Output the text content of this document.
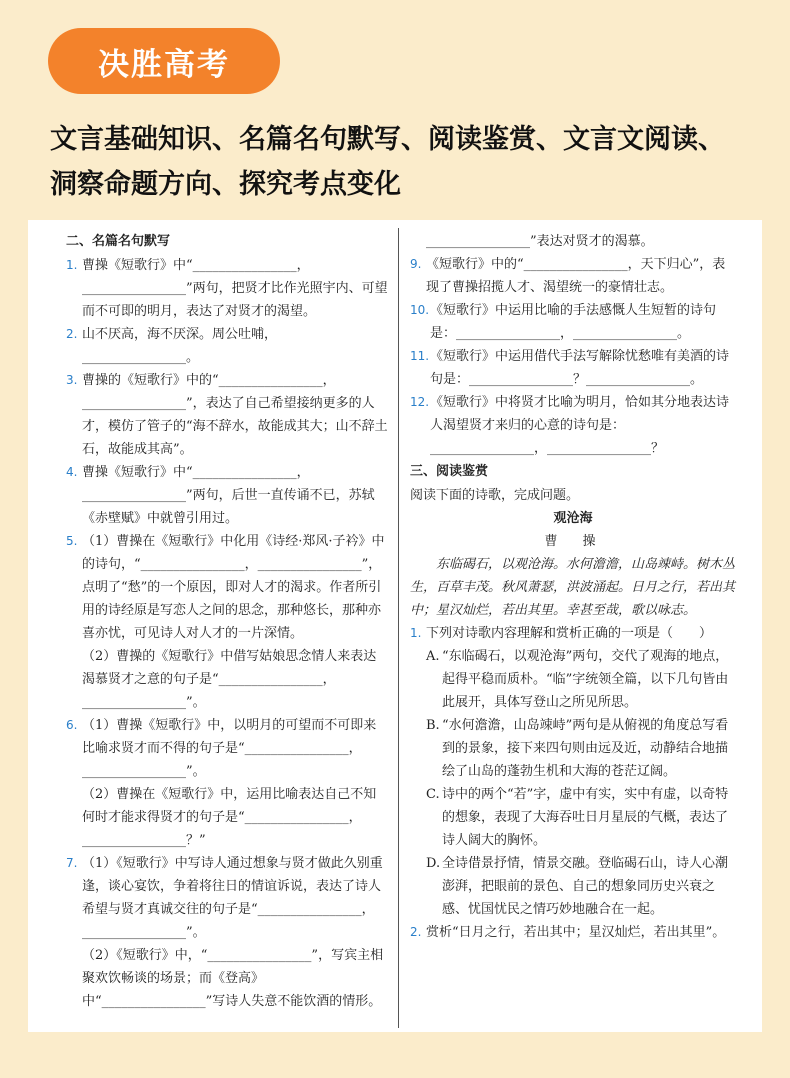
决胜高考
文言基础知识、名篇名句默写、阅读鉴赏、文言文阅读、
洞察命题方向、探究考点变化
二、名篇名句默写
1. 曹操《短歌行》中“________________，________________”两句，把贤才比作光照宇内、可望而不可即的明月，表达了对贤才的渴望。
2. 山不厌高，海不厌深。周公吐哺，________________。
3. 曹操的《短歌行》中的“________________，________________”，表达了自己希望接纳更多的人才，模仿了管子的“海不辞水，故能成其大；山不辞土石，故能成其高”。
4. 曹操《短歌行》中“________________，________________”两句，后世一直传诵不已，苏轼《赤壁赋》中就曾引用过。
5. （1）曹操在《短歌行》中化用《诗经·郑风·子衿》中的诗句，“________________，________________”，点明了“愁”的一个原因，即对人才的渴求。作者所引用的诗经原是写恋人之间的思念，那种悠长，那种亦喜亦忧，可见诗人对人才的一片深情。
（2）曹操的《短歌行》中借写姑娘思念情人来表达渴慕贤才之意的句子是“________________，________________”。
6. （1）曹操《短歌行》中，以明月的可望而不可即来比喻求贤才而不得的句子是“________________，________________”。
（2）曹操在《短歌行》中，运用比喻表达自己不知何时才能求得贤才的句子是“________________，________________？”
7. （1）《短歌行》中写诗人通过想象与贤才做此久别重逢，谈心宴饮，争着将往日的情谊诉说，表达了诗人希望与贤才真诚交往的句子是“________________，________________”。
（2）《短歌行》中，“________________”，写宾主相聚欢饮畅谈的场景；而《登高》中“________________”写诗人失意不能饮酒的情形。
________________”表达对贤才的渴慕。
9. 《短歌行》中的“________________，天下归心”，表现了曹操招揽人才、渴望统一的豪情壮志。
10. 《短歌行》中运用比喻的手法感慨人生短暂的诗句是：________________，________________。
11. 《短歌行》中运用借代手法写解除忧愁唯有美酒的诗句是：________________？________________。
12. 《短歌行》中将贤才比喻为明月，恰如其分地表达诗人渴望贤才来归的心意的诗句是：________________，________________？
三、阅读鉴赏
阅读下面的诗歌，完成问题。
观沧海
曹　操
东临碣石，以观沧海。水何澹澹，山岛竦峙。树木丛生，百草丰茂。秋风萧瑟，洪波涌起。日月之行，若出其中；星汉灿烂，若出其里。幸甚至哉，歌以咏志。
1. 下列对诗歌内容理解和赏析正确的一项是（　　）
A. “东临碣石，以观沧海”两句，交代了观海的地点，起得平稳而质朴。“临”字统领全篇，以下几句皆由此展开，具体写登山之所见所思。
B. “水何澹澹，山岛竦峙”两句是从俯视的角度总写看到的景象，接下来四句则由远及近，动静结合地描绘了山岛的蓬勃生机和大海的苍茫辽阔。
C. 诗中的两个“若”字，虚中有实，实中有虚，以奇特的想象，表现了大海吞吐日月星辰的气概，表达了诗人阔大的胸怀。
D. 全诗借景抒情，情景交融。登临碣石山，诗人心潮澎湃，把眼前的景色、自己的想象同历史兴衰之感、忧国忧民之情巧妙地融合在一起。
2. 赏析“日月之行，若出其中；星汉灿烂，若出其里”。
